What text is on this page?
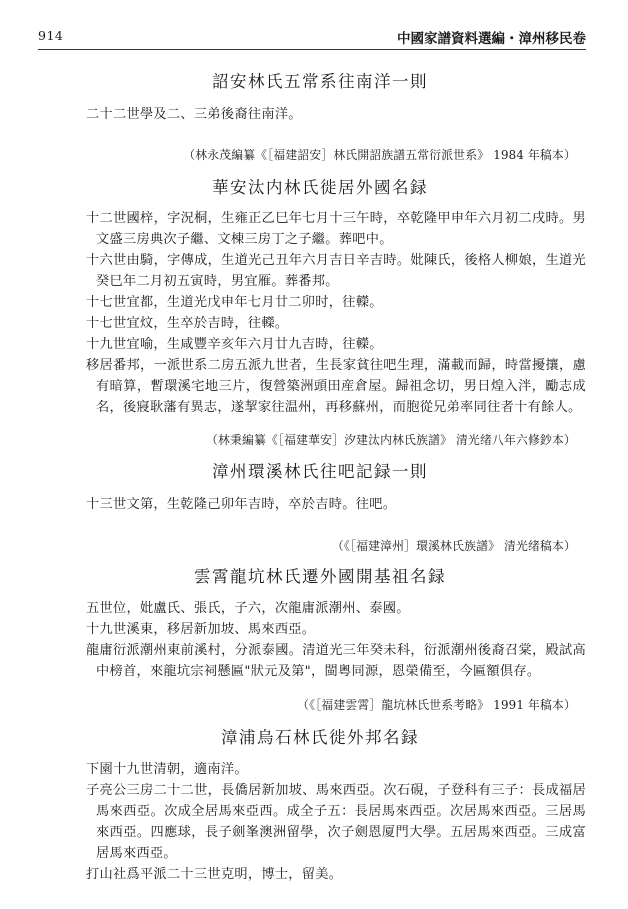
914	中國家譜資料選編・漳州移民卷
詔安林氏五常系往南洋一則

二十二世學及二、三弟後裔往南洋。

（林永茂編纂《［福建詔安］林氏開詔族譜五常衍派世系》 1984 年稿本）

華安汰内林氏徙居外國名録

十二世國梓，字況桐，生雍正乙巳年七月十三午時，卒乾隆甲申年六月初二戌時。男文盛三房典次子繼、文棟三房丁之子繼。葬吧中。

十六世由騎，字傳成，生道光己丑年六月吉日辛吉時。妣陳氏，後格人柳娘，生道光癸巳年二月初五寅時，男宜雁。葬番邦。

十七世宜都，生道光戊申年七月廿二卯时，往𨏍。

十七世宜炆，生卒於吉時，往𨏍。

十九世宜喻，生咸豐辛亥年六月廿九吉時，往𨏍。

移居番邦，一派世系二房五派九世者，生長家貧往吧生理，滿載而歸，時當擾攘，慮有暗算，暫環溪宅地三片，復營築洲頭田産倉屋。歸祖念切，男日煌入泮，勵志成名，後寢耿藩有異志，遂挈家往温州，再移蘇州，而胞從兄弟率同往者十有餘人。

（林秉編纂《［福建華安］汐建汰内林氏族譜》 清光绪八年六修鈔本）

漳州環溪林氏往吧記録一則

十三世文第，生乾隆己卯年吉時，卒於吉時。往吧。

（《［福建漳州］環溪林氏族譜》 清光绪稿本）

雲霄龍坑林氏遷外國開基祖名録

五世位，妣盧氏、張氏，子六，次龍庸派潮州、泰國。

十九世溪東，移居新加坡、馬來西亞。

龍庸衍派潮州東前溪村，分派泰國。清道光三年癸未科，衍派潮州後裔召棠，殿試高中榜首，來龍坑宗祠懸匾"狀元及第"，閩粵同源，恩榮備至，今匾額倶存。

（《［福建雲霄］龍坑林氏世系考略》 1991 年稿本）

漳浦烏石林氏徙外邦名録

下園十九世清朝，適南洋。

子亮公三房二十二世，長僑居新加坡、馬來西亞。次石硯，子登科有三子：長成福居馬來西亞。次成全居馬來亞西。成全子五：長居馬來西亞。次居馬來西亞。三居馬來西亞。四應球，長子劍峯澳洲留學，次子劍恩厦門大學。五居馬來西亞。三成富居馬來西亞。

打山社爲平派二十三世克明，博士，留美。
